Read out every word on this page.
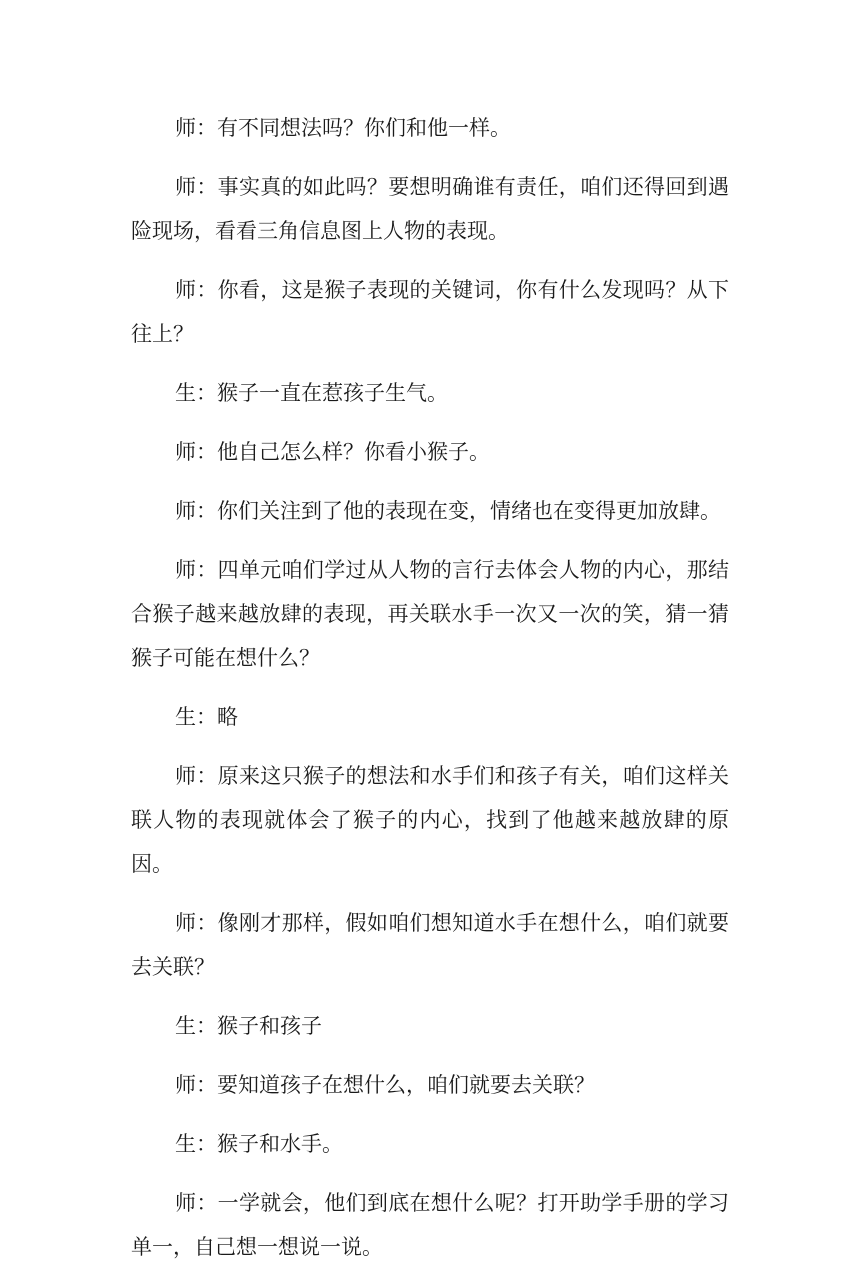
师：有不同想法吗？你们和他一样。

师：事实真的如此吗？要想明确谁有责任，咱们还得回到遇险现场，看看三角信息图上人物的表现。

师：你看，这是猴子表现的关键词，你有什么发现吗？从下往上？

生：猴子一直在惹孩子生气。

师：他自己怎么样？你看小猴子。

师：你们关注到了他的表现在变，情绪也在变得更加放肆。

师：四单元咱们学过从人物的言行去体会人物的内心，那结合猴子越来越放肆的表现，再关联水手一次又一次的笑，猜一猜猴子可能在想什么？

生：略

师：原来这只猴子的想法和水手们和孩子有关，咱们这样关联人物的表现就体会了猴子的内心，找到了他越来越放肆的原因。

师：像刚才那样，假如咱们想知道水手在想什么，咱们就要去关联？

生：猴子和孩子

师：要知道孩子在想什么，咱们就要去关联？

生：猴子和水手。

师：一学就会，他们到底在想什么呢？打开助学手册的学习单一，自己想一想说一说。
